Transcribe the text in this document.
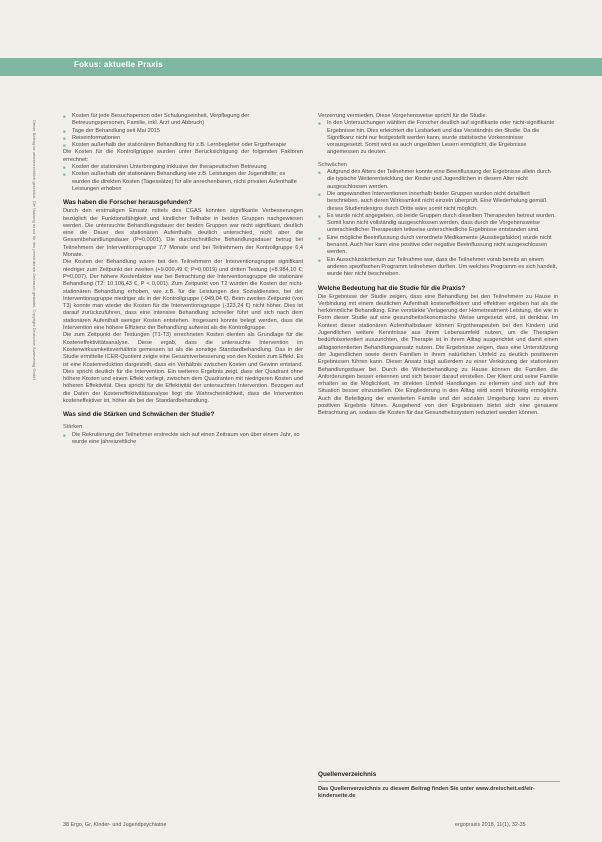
Fokus: aktuelle Praxis
Dieser Beitrag ist urheberrechtlich geschützt. Die Nutzung ist nur für den persönlichen Gebrauch gestattet. Copyright Deutscher Ärzteverlag GmbH
■ Kosten für jede Besuchsperson oder Schulungseinheit, Verpflegung der Betreuungspersonen, Familie, inkl. Arzt und Abbruch)
■ Tage der Behandlung seit Mai 2015
■ Reiseinformationen
■ Kosten außerhalb der stationären Behandlung für z.B. Lernbegleiter oder Ergotherapie

Die Kosten für die Kontrollgruppe wurden unter Berücksichtigung der folgenden Faktoren errechnet:

■ Kosten der stationären Unterbringung inklusive der therapeutischen Betreuung
■ Kosten außerhalb der stationären Behandlung wie z.B. Leistungen der Jugendhilfe; es wurden die direkten Kosten (Tagessätze) für alle anrechenbaren, nicht privaten Aufenthalte Leistungen erhoben
Was haben die Forscher herausgefunden?

Durch den erstmaligen Einsatz mittels des CGAS konnten signifikante Verbesserungen bezüglich der Funktionsfähigkeit und kindlicher Teilhabe in beiden Gruppen nachgewiesen werden. Die untersuchte Behandlungsdauer der beiden Gruppen war nicht signifikant, deutlich eine die Dauer des stationären Aufenthalts deutlich unterschied, nicht aber die Gesamtbehandlungsdauer (P=0,0001). Die durchschnittliche Behandlungsdauer betrug bei Teilnehmern der Interventionsgruppe 7,7 Monate und bei Teilnehmern der Kontrollgruppe 6,4 Monate.

Die Kosten der Behandlung waren bei den Teilnehmern der Interventionsgruppe signifikant niedriger zum Zeitpunkt der zweiten (+9.000,49 €; P=0,0019) und dritten Testung (+8.984,10 €; P=0,007). Der höhere Kostenfaktor war bei Betrachtung der Interventionsgruppe die stationäre Behandlung (T2: 10.106,43 €, P < 0,001). Zum Zeitpunkt von T2 wurden die Kosten der nicht-stationären Behandlung erhoben, wie z.B. für die Leistungen des Sozialdienstes, bei der Interventionsgruppe niedriger als in der Kontrollgruppe (-949,04 €). Beim zweiten Zeitpunkt (von T3) konnte man wieder die Kosten für die Interventionsgruppe (-323,24 €) nicht höher. Dies ist darauf zurückzuführen, dass eine intensive Behandlung schneller führt und sich nach dem stationären Aufenthalt weniger Kosten entstehen. Insgesamt konnte belegt werden, dass die Intervention eine höhere Effizienz der Behandlung aufweist als die Kontrollgruppe.

Die zum Zeitpunkt der Testungen (T1-T3) errechneten Kosten dienten als Grundlage für die Kosteneffektivitätsanalyse. Diese ergab, dass die untersuchte Intervention im Kostenwirksamkeitsverhältnis gemessen ist als die sonstige Standardbehandlung. Das in der Studie ermittelte ICER-Quotient zeigte eine Gesamtverbesserung von den Kosten zum Effekt. Es ist eine Kostenreduktion dargestellt, dass ein Verhältnis zwischen Kosten und Gewinn entstand. Dies spricht deutlich für die Intervention. Ein weiteres Ergebnis zeigt, dass der Quadrant ohne höhere Kosten und einem Effekt vorliegt, zwischen dem Quadranten mit niedrigeren Kosten und höheren Effektivität. Dies spricht für die Effektivität der untersuchten Intervention. Bezogen auf die Daten der Kosteneffektivitätsanalyse liegt die Wahrscheinlichkeit, dass die Intervention kosteneffektiver ist, höher als bei der Standardbehandlung.

Was sind die Stärken und Schwächen der Studie?
Stärken
■ Die Rekrutierung der Teilnehmer erstreckte sich auf einen Zeitraum von über einem Jahr, so wurde eine jahreszeitliche

Verzerrung vermieden. Diese Vorgehensweise spricht für die Studie.

■ In den Untersuchungen wählten die Forscher deutlich auf signifikante oder nicht-signifikante Ergebnisse hin. Dies erleichtert die Lesbarkeit und das Verständnis der Studie. Da die Signifikanz nicht nur festgestellt werden kann, wurde statistische Vorkenntnisse vorausgesetzt. Somit wird es auch ungeübten Lesern ermöglicht, die Ergebnisse angemessen zu deuten.
Schwächen
■ Aufgrund des Alters der Teilnehmer konnte eine Beeinflussung der Ergebnisse allein durch die typische Weiterentwicklung der Kinder und Jugendlichen in diesem Alter nicht ausgeschlossen werden.
■ Die angewandten Interventionen innerhalb beider Gruppen wurden nicht detailliert beschrieben, auch deren Wirksamkeit nicht einzeln überprüft. Eine Wiederholung gemäß dieses Studiendesigns durch Dritte wäre somit nicht möglich.
■ Es wurde nicht angegeben, ob beide Gruppen durch dieselben Therapeuten betreut wurden. Somit kann nicht vollständig ausgeschlossen werden, dass durch die Vorgehensweise unterschiedlicher Therapeuten teilweise unterschiedliche Ergebnisse entstanden sind.
■ Eine mögliche Beeinflussung durch verordnete Medikamente (Ausstiegsfaktor) wurde nicht benannt. Auch hier kann eine positive oder negative Beeinflussung nicht ausgeschlossen werden.
■ Ein Ausschlusskriterium zur Teilnahme war, dass die Teilnehmer vorab bereits an einem anderen spezifischen Programm teilnehmen durften. Um welches Programm es sich handelt, wurde hier nicht beschrieben.
Welche Bedeutung hat die Studie für die Praxis?

Die Ergebnisse der Studie zeigen, dass eine Behandlung bei den Teilnehmern zu Hause in Verbindung mit einem deutlichen Aufenthalt kosteneffektiver und effektiver ergeben hat als die herkömmliche Behandlung. Eine verstärkte Verlagerung der Hometreatment-Leistung, die wie in Form dieser Studie auf eine gesundheitsökonomische Weise umgesetzt wird, ist denkbar. Im Kontext dieser stationären Aufenthaltsdauer können Ergotherapeuten bei den Kindern und Jugendlichen weitere Kenntnisse aus ihrem Lebensumfeld nutzen, um die Therapien bedürfnisorientiert auszurichten, die Therapie ist in ihrem Alltag ausgerichtet und damit einen alltagsorientierten Behandlungsansatz nutzen. Die Ergebnisse zeigen, dass eine Unterstützung der Jugendlichen sowie deren Familien in ihrem natürlichen Umfeld zu deutlich positiveren Ergebnissen führen kann. Dieser Ansatz trägt außerdem zu einer Verkürzung der stationären Behandlungsdauer bei. Durch die Weiterbehandlung zu Hause können die Familien die Anforderungen besser erkennen und sich besser darauf einstellen. Der Klient und seine Familie erhalten so die Möglichkeit, im direkten Umfeld Handlungen zu erlernen und sich auf ihre Situation besser einzustellen. Die Eingliederung in den Alltag wird somit frühzeitig ermöglicht. Auch die Beteiligung der erweiterten Familie und der sozialen Umgebung kann zu einem positiven Ergebnis führen. Ausgehend von den Ergebnissen bietet sich eine genauere Betrachtung an, sodass die Kosten für das Gesundheitssystem reduziert werden können.

Quellenverzeichnis
Das Quellenverzeichnis zu diesem Beitrag finden Sie unter www.dreischeit.ed/eir-kinderseite.de
38 Ergo, Gr, Kinder- und Jugendpsychiatrie	ergopraxis 2018, 11(1), 32-35
